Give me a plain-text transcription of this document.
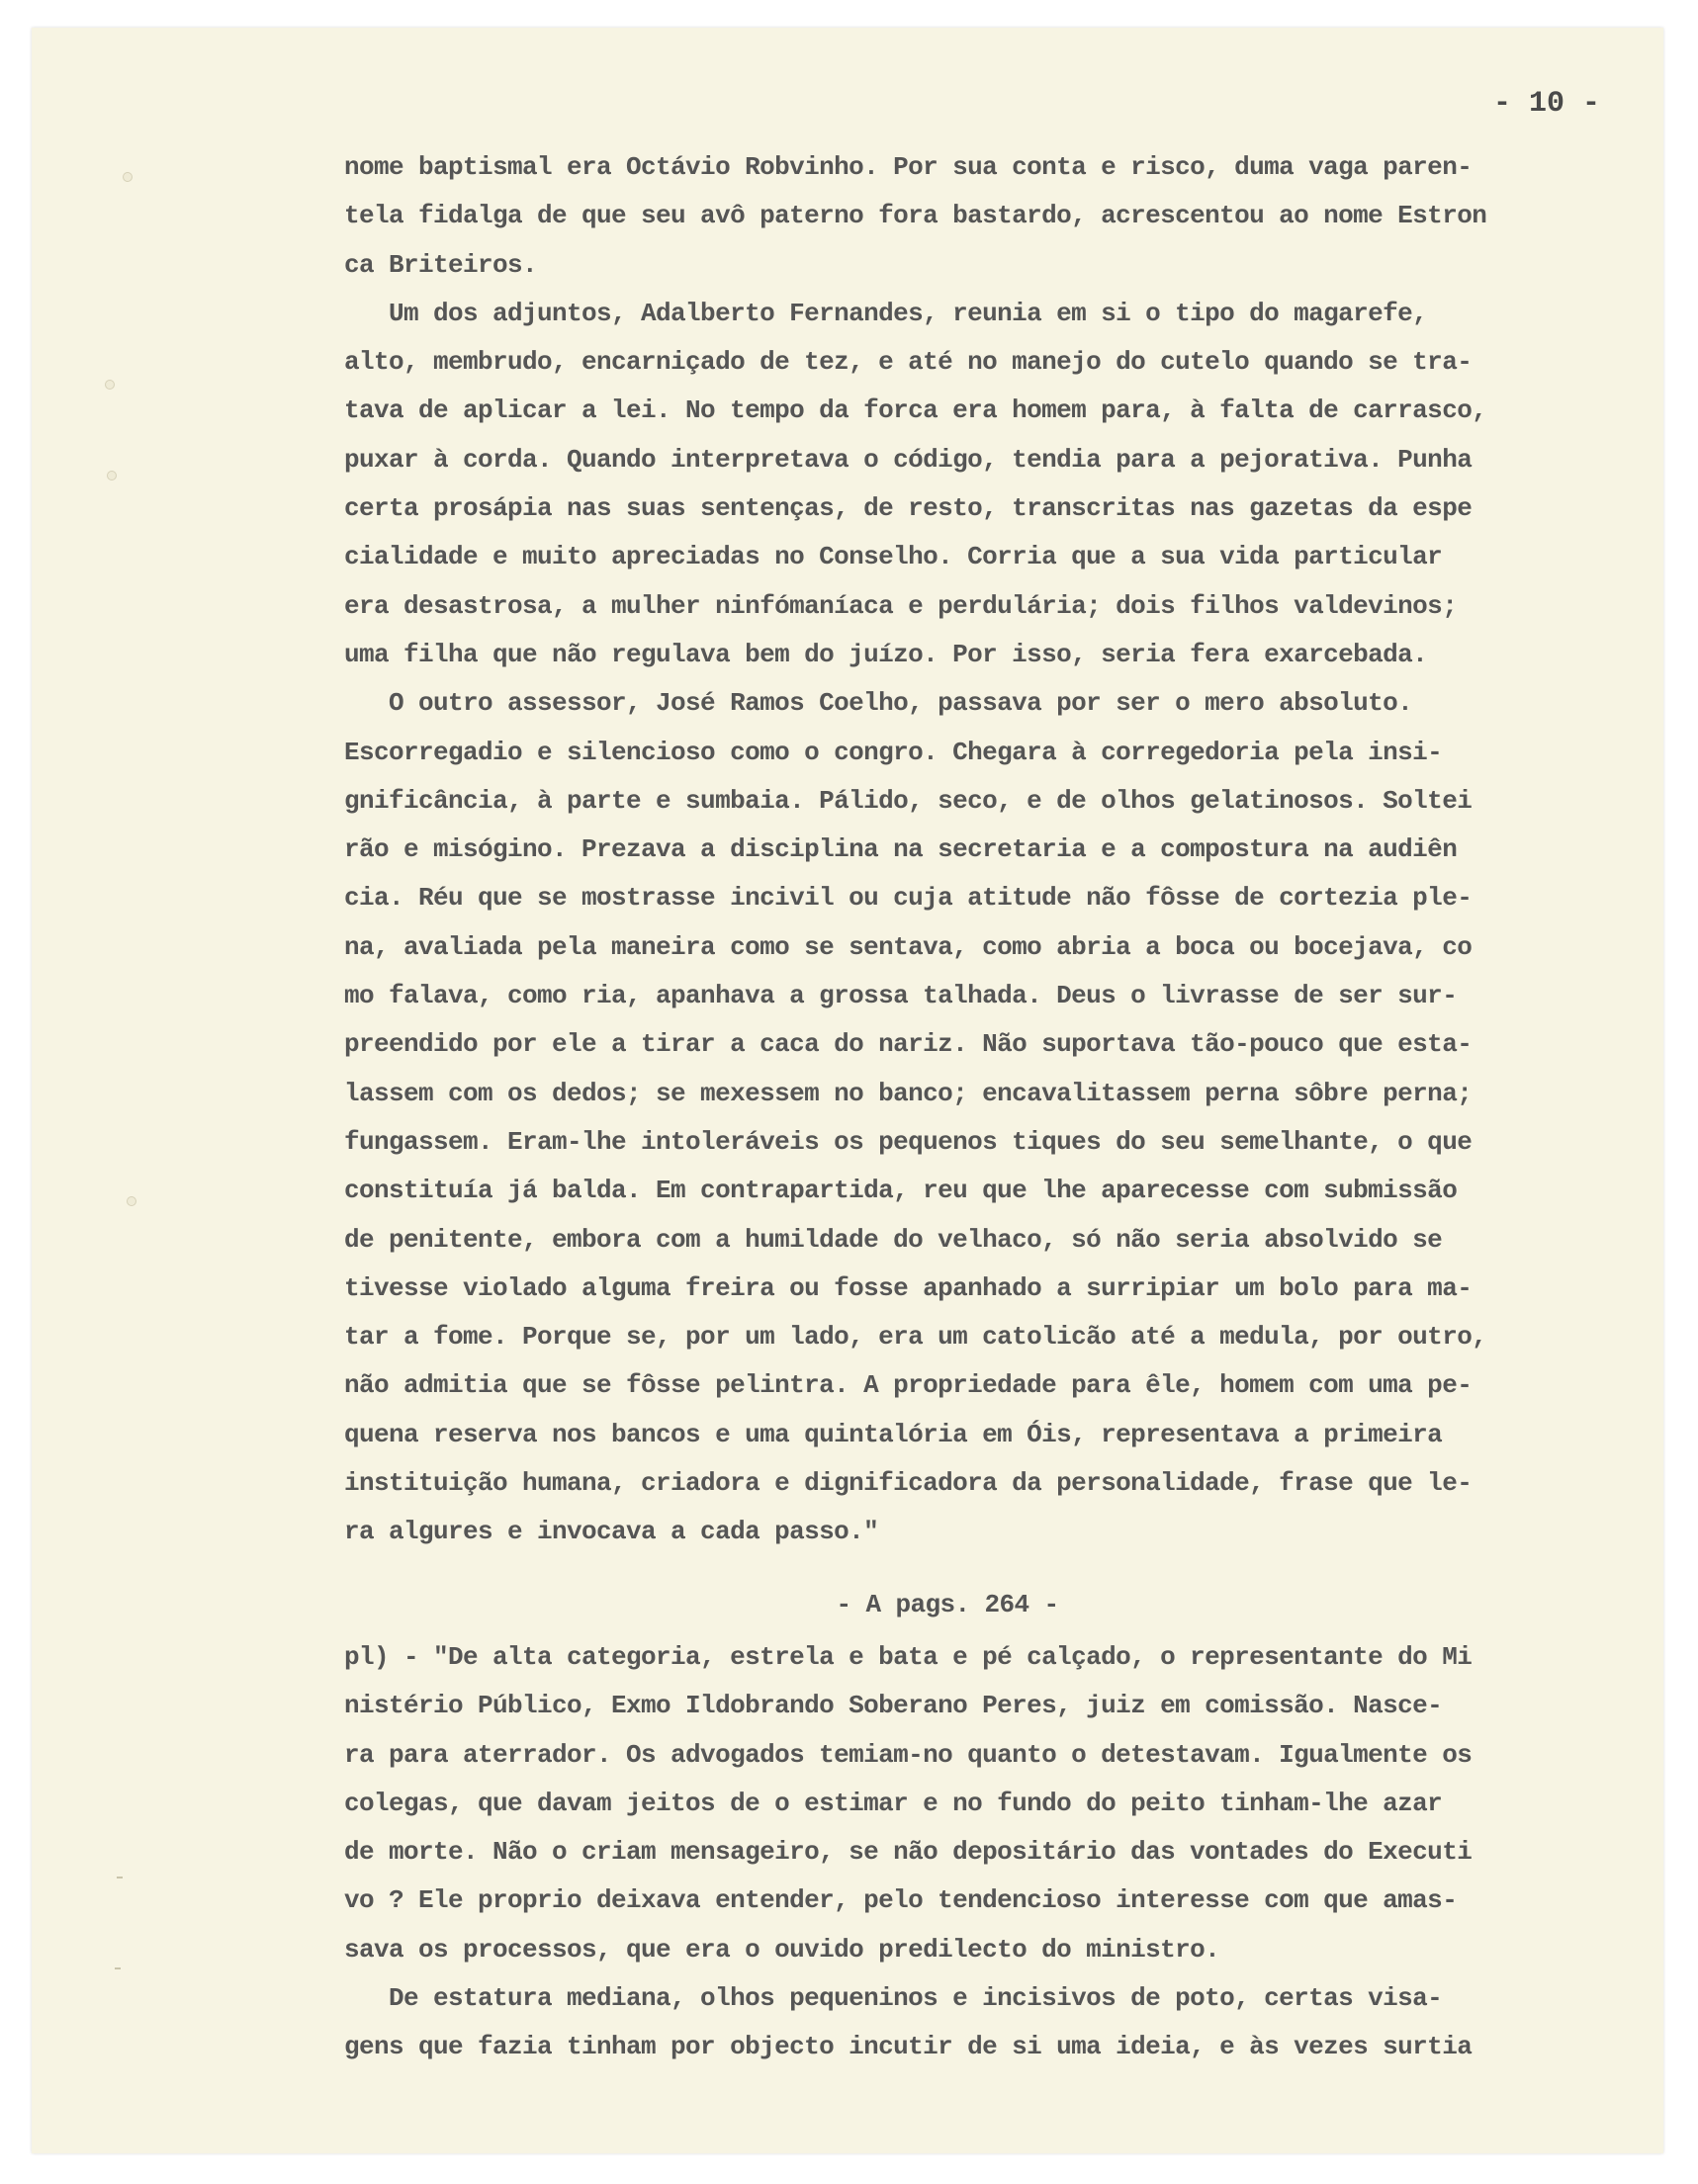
- 10 -
nome baptismal era Octávio Robvinho. Por sua conta e risco, duma vaga paren-
tela fidalga de que seu avô paterno fora bastardo, acrescentou ao nome Estron
ca Briteiros.
Um dos adjuntos, Adalberto Fernandes, reunia em si o tipo do magarefe,
alto, membrudo, encarniçado de tez, e até no manejo do cutelo quando se tra-
tava de aplicar a lei. No tempo da forca era homem para, à falta de carrasco,
puxar à corda. Quando interpretava o código, tendia para a pejorativa. Punha
certa prosápia nas suas sentenças, de resto, transcritas nas gazetas da espe
cialidade e muito apreciadas no Conselho. Corria que a sua vida particular
era desastrosa, a mulher ninfómaníaca e perdulária; dois filhos valdevinos;
uma filha que não regulava bem do juízo. Por isso, seria fera exarcebada.
O outro assessor, José Ramos Coelho, passava por ser o mero absoluto.
Escorregadio e silencioso como o congro. Chegara à corregedoria pela insi-
gnificância, à parte e sumbaia. Pálido, seco, e de olhos gelatinosos. Soltei
rão e misógino. Prezava a disciplina na secretaria e a compostura na audiên
cia. Réu que se mostrasse incivil ou cuja atitude não fôsse de cortezia ple-
na, avaliada pela maneira como se sentava, como abria a boca ou bocejava, co
mo falava, como ria, apanhava a grossa talhada. Deus o livrasse de ser sur-
preendido por ele a tirar a caca do nariz. Não suportava tão-pouco que esta-
lassem com os dedos; se mexessem no banco; encavalitassem perna sôbre perna;
fungassem. Eram-lhe intoleráveis os pequenos tiques do seu semelhante, o que
constituía já balda. Em contrapartida, reu que lhe aparecesse com submissão
de penitente, embora com a humildade do velhaco, só não seria absolvido se
tivesse violado alguma freira ou fosse apanhado a surripiar um bolo para ma-
tar a fome. Porque se, por um lado, era um catolicão até a medula, por outro,
não admitia que se fôsse pelintra. A propriedade para êle, homem com uma pe-
quena reserva nos bancos e uma quintalória em Óis, representava a primeira
instituição humana, criadora e dignificadora da personalidade, frase que le-
ra algures e invocava a cada passo."
- A pags. 264 -
pl) - "De alta categoria, estrela e bata e pé calçado, o representante do Mi
nistério Público, Exmo Ildobrando Soberano Peres, juiz em comissão. Nasce-
ra para aterrador. Os advogados temiam-no quanto o detestavam. Igualmente os
colegas, que davam jeitos de o estimar e no fundo do peito tinham-lhe azar
de morte. Não o criam mensageiro, se não depositário das vontades do Executi
vo ? Ele proprio deixava entender, pelo tendencioso interesse com que amas-
sava os processos, que era o ouvido predilecto do ministro.
De estatura mediana, olhos pequeninos e incisivos de poto, certas visa-
gens que fazia tinham por objecto incutir de si uma ideia, e às vezes surtia
